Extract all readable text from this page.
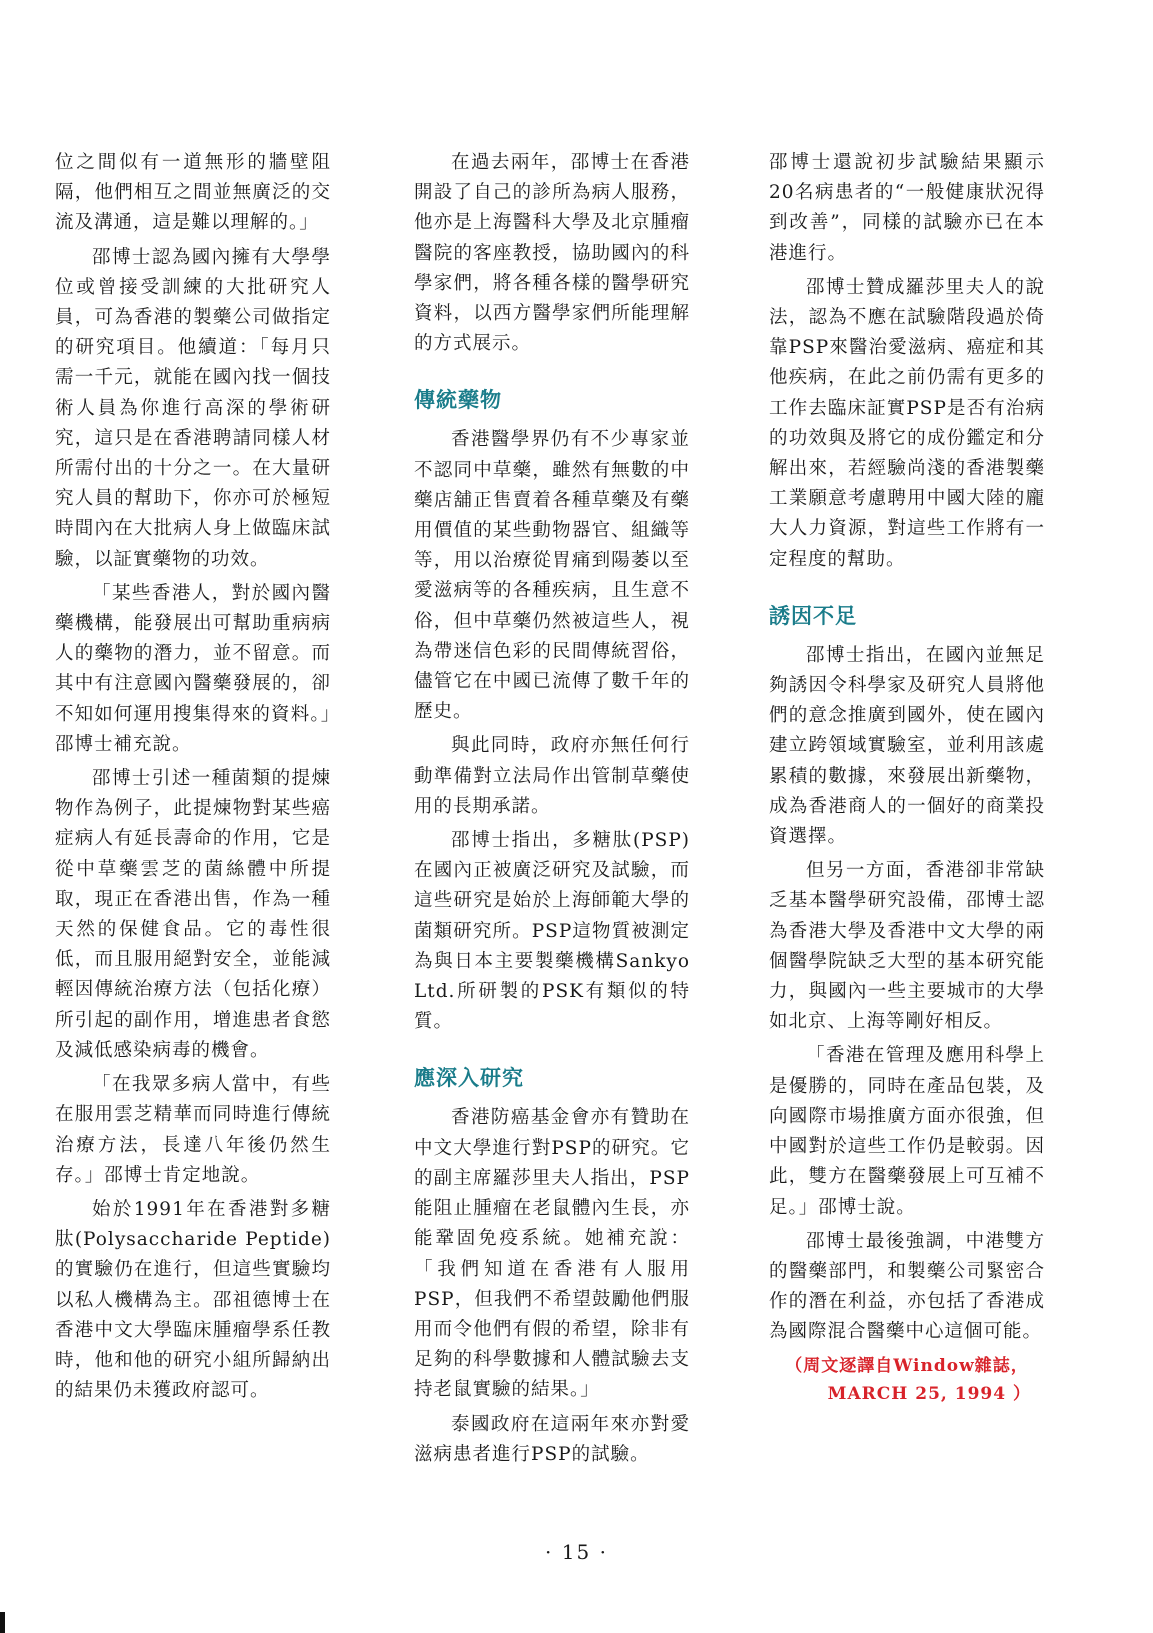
位之間似有一道無形的牆壁阻隔，他們相互之間並無廣泛的交流及溝通，這是難以理解的。」

邵博士認為國內擁有大學學位或曾接受訓練的大批研究人員，可為香港的製藥公司做指定的研究項目。他續道：「每月只需一千元，就能在國內找一個技術人員為你進行高深的學術研究，這只是在香港聘請同樣人材所需付出的十分之一。在大量研究人員的幫助下，你亦可於極短時間內在大批病人身上做臨床試驗，以証實藥物的功效。

「某些香港人，對於國內醫藥機構，能發展出可幫助重病病人的藥物的潛力，並不留意。而其中有注意國內醫藥發展的，卻不知如何運用搜集得來的資料。」邵博士補充說。

邵博士引述一種菌類的提煉物作為例子，此提煉物對某些癌症病人有延長壽命的作用，它是從中草藥雲芝的菌絲體中所提取，現正在香港出售，作為一種天然的保健食品。它的毒性很低，而且服用絕對安全，並能減輕因傳統治療方法（包括化療）所引起的副作用，增進患者食慾及減低感染病毒的機會。

「在我眾多病人當中，有些在服用雲芝精華而同時進行傳統治療方法，長達八年後仍然生存。」邵博士肯定地說。

始於1991年在香港對多糖肽(Polysaccharide Peptide)的實驗仍在進行，但這些實驗均以私人機構為主。邵祖德博士在香港中文大學臨床腫瘤學系任教時，他和他的研究小組所歸納出的結果仍未獲政府認可。

在過去兩年，邵博士在香港開設了自己的診所為病人服務，他亦是上海醫科大學及北京腫瘤醫院的客座教授，協助國內的科學家們，將各種各樣的醫學研究資料，以西方醫學家們所能理解的方式展示。

傳統藥物

香港醫學界仍有不少專家並不認同中草藥，雖然有無數的中藥店舖正售賣着各種草藥及有藥用價值的某些動物器官、組織等等，用以治療從胃痛到陽萎以至愛滋病等的各種疾病，且生意不俗，但中草藥仍然被這些人，視為帶迷信色彩的民間傳統習俗，儘管它在中國已流傳了數千年的歷史。

與此同時，政府亦無任何行動準備對立法局作出管制草藥使用的長期承諾。

邵博士指出，多糖肽(PSP)在國內正被廣泛研究及試驗，而這些研究是始於上海師範大學的菌類研究所。PSP這物質被測定為與日本主要製藥機構Sankyo Ltd.所研製的PSK有類似的特質。

應深入研究

香港防癌基金會亦有贊助在中文大學進行對PSP的研究。它的副主席羅莎里夫人指出，PSP能阻止腫瘤在老鼠體內生長，亦能鞏固免疫系統。她補充說：「我們知道在香港有人服用PSP，但我們不希望鼓勵他們服用而令他們有假的希望，除非有足夠的科學數據和人體試驗去支持老鼠實驗的結果。」

泰國政府在這兩年來亦對愛滋病患者進行PSP的試驗。

邵博士還說初步試驗結果顯示20名病患者的“一般健康狀況得到改善”，同樣的試驗亦已在本港進行。

邵博士贊成羅莎里夫人的說法，認為不應在試驗階段過於倚靠PSP來醫治愛滋病、癌症和其他疾病，在此之前仍需有更多的工作去臨床証實PSP是否有治病的功效與及將它的成份鑑定和分解出來，若經驗尚淺的香港製藥工業願意考慮聘用中國大陸的龐大人力資源，對這些工作將有一定程度的幫助。

誘因不足

邵博士指出，在國內並無足夠誘因令科學家及研究人員將他們的意念推廣到國外，使在國內建立跨領域實驗室，並利用該處累積的數據，來發展出新藥物，成為香港商人的一個好的商業投資選擇。

但另一方面，香港卻非常缺乏基本醫學研究設備，邵博士認為香港大學及香港中文大學的兩個醫學院缺乏大型的基本研究能力，與國內一些主要城市的大學如北京、上海等剛好相反。

「香港在管理及應用科學上是優勝的，同時在產品包裝，及向國際市場推廣方面亦很強，但中國對於這些工作仍是較弱。因此，雙方在醫藥發展上可互補不足。」邵博士說。

邵博士最後強調，中港雙方的醫藥部門，和製藥公司緊密合作的潛在利益，亦包括了香港成為國際混合醫藥中心這個可能。

（周文逐譯自Window雜誌，
MARCH 25, 1994 ）
· 15 ·
